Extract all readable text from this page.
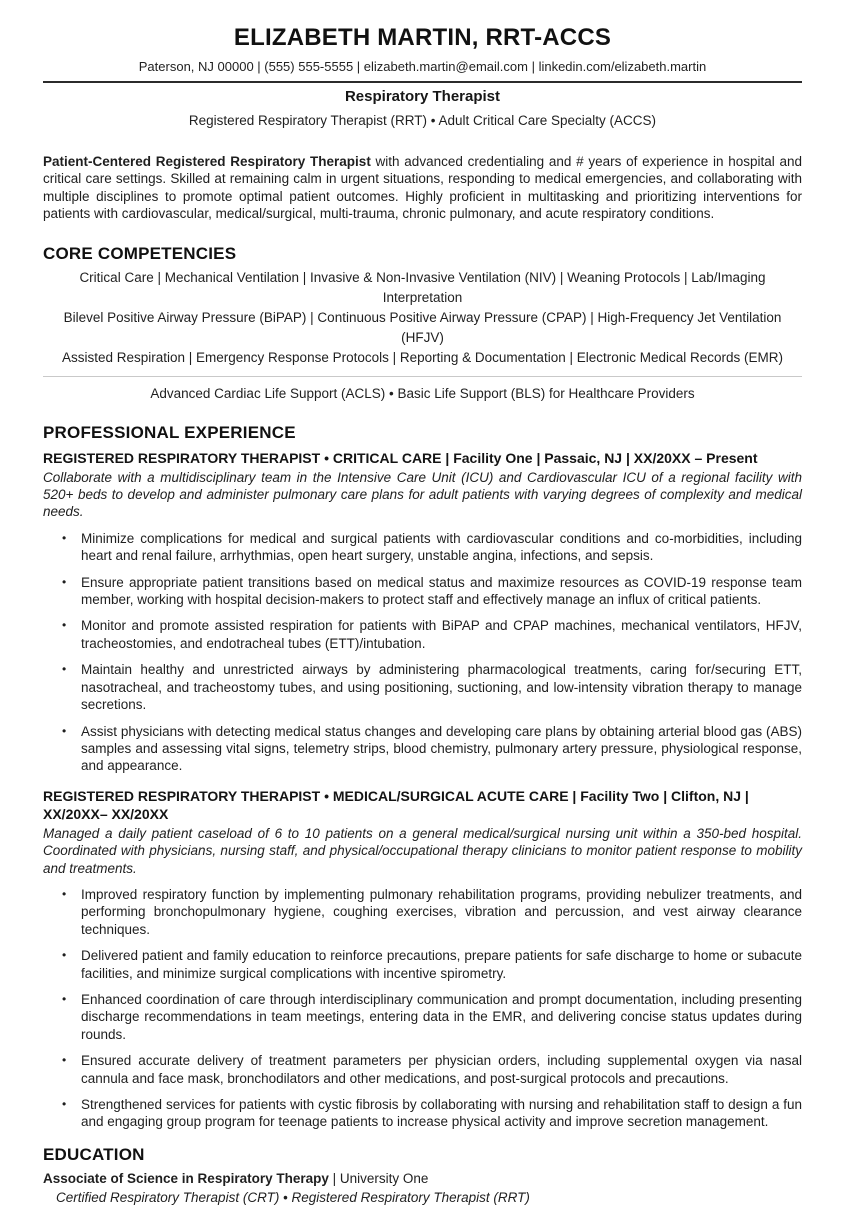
ELIZABETH MARTIN, RRT-ACCS
Paterson, NJ 00000 | (555) 555-5555 | elizabeth.martin@email.com | linkedin.com/elizabeth.martin
Respiratory Therapist
Registered Respiratory Therapist (RRT) • Adult Critical Care Specialty (ACCS)

Patient-Centered Registered Respiratory Therapist with advanced credentialing and # years of experience in hospital and critical care settings. Skilled at remaining calm in urgent situations, responding to medical emergencies, and collaborating with multiple disciplines to promote optimal patient outcomes. Highly proficient in multitasking and prioritizing interventions for patients with cardiovascular, medical/surgical, multi-trauma, chronic pulmonary, and acute respiratory conditions.

CORE COMPETENCIES
Critical Care | Mechanical Ventilation | Invasive & Non-Invasive Ventilation (NIV) | Weaning Protocols | Lab/Imaging Interpretation
Bilevel Positive Airway Pressure (BiPAP) | Continuous Positive Airway Pressure (CPAP) | High-Frequency Jet Ventilation (HFJV)
Assisted Respiration | Emergency Response Protocols | Reporting & Documentation | Electronic Medical Records (EMR)
Advanced Cardiac Life Support (ACLS) • Basic Life Support (BLS) for Healthcare Providers
PROFESSIONAL EXPERIENCE
REGISTERED RESPIRATORY THERAPIST • CRITICAL CARE | Facility One | Passaic, NJ | XX/20XX – Present

Collaborate with a multidisciplinary team in the Intensive Care Unit (ICU) and Cardiovascular ICU of a regional facility with 520+ beds to develop and administer pulmonary care plans for adult patients with varying degrees of complexity and medical needs.

•	Minimize complications for medical and surgical patients with cardiovascular conditions and co-morbidities, including heart and renal failure, arrhythmias, open heart surgery, unstable angina, infections, and sepsis.
•	Ensure appropriate patient transitions based on medical status and maximize resources as COVID-19 response team member, working with hospital decision-makers to protect staff and effectively manage an influx of critical patients.
•	Monitor and promote assisted respiration for patients with BiPAP and CPAP machines, mechanical ventilators, HFJV, tracheostomies, and endotracheal tubes (ETT)/intubation.
•	Maintain healthy and unrestricted airways by administering pharmacological treatments, caring for/securing ETT, nasotracheal, and tracheostomy tubes, and using positioning, suctioning, and low-intensity vibration therapy to manage secretions.
•	Assist physicians with detecting medical status changes and developing care plans by obtaining arterial blood gas (ABS) samples and assessing vital signs, telemetry strips, blood chemistry, pulmonary artery pressure, physiological response, and appearance.
REGISTERED RESPIRATORY THERAPIST • MEDICAL/SURGICAL ACUTE CARE | Facility Two | Clifton, NJ | XX/20XX– XX/20XX

Managed a daily patient caseload of 6 to 10 patients on a general medical/surgical nursing unit within a 350-bed hospital. Coordinated with physicians, nursing staff, and physical/occupational therapy clinicians to monitor patient response to mobility and treatments.

•	Improved respiratory function by implementing pulmonary rehabilitation programs, providing nebulizer treatments, and performing bronchopulmonary hygiene, coughing exercises, vibration and percussion, and vest airway clearance techniques.
•	Delivered patient and family education to reinforce precautions, prepare patients for safe discharge to home or subacute facilities, and minimize surgical complications with incentive spirometry.
•	Enhanced coordination of care through interdisciplinary communication and prompt documentation, including presenting discharge recommendations in team meetings, entering data in the EMR, and delivering concise status updates during rounds.
•	Ensured accurate delivery of treatment parameters per physician orders, including supplemental oxygen via nasal cannula and face mask, bronchodilators and other medications, and post-surgical protocols and precautions.
•	Strengthened services for patients with cystic fibrosis by collaborating with nursing and rehabilitation staff to design a fun and engaging group program for teenage patients to increase physical activity and improve secretion management.
EDUCATION
Associate of Science in Respiratory Therapy | University One
Certified Respiratory Therapist (CRT) • Registered Respiratory Therapist (RRT)
